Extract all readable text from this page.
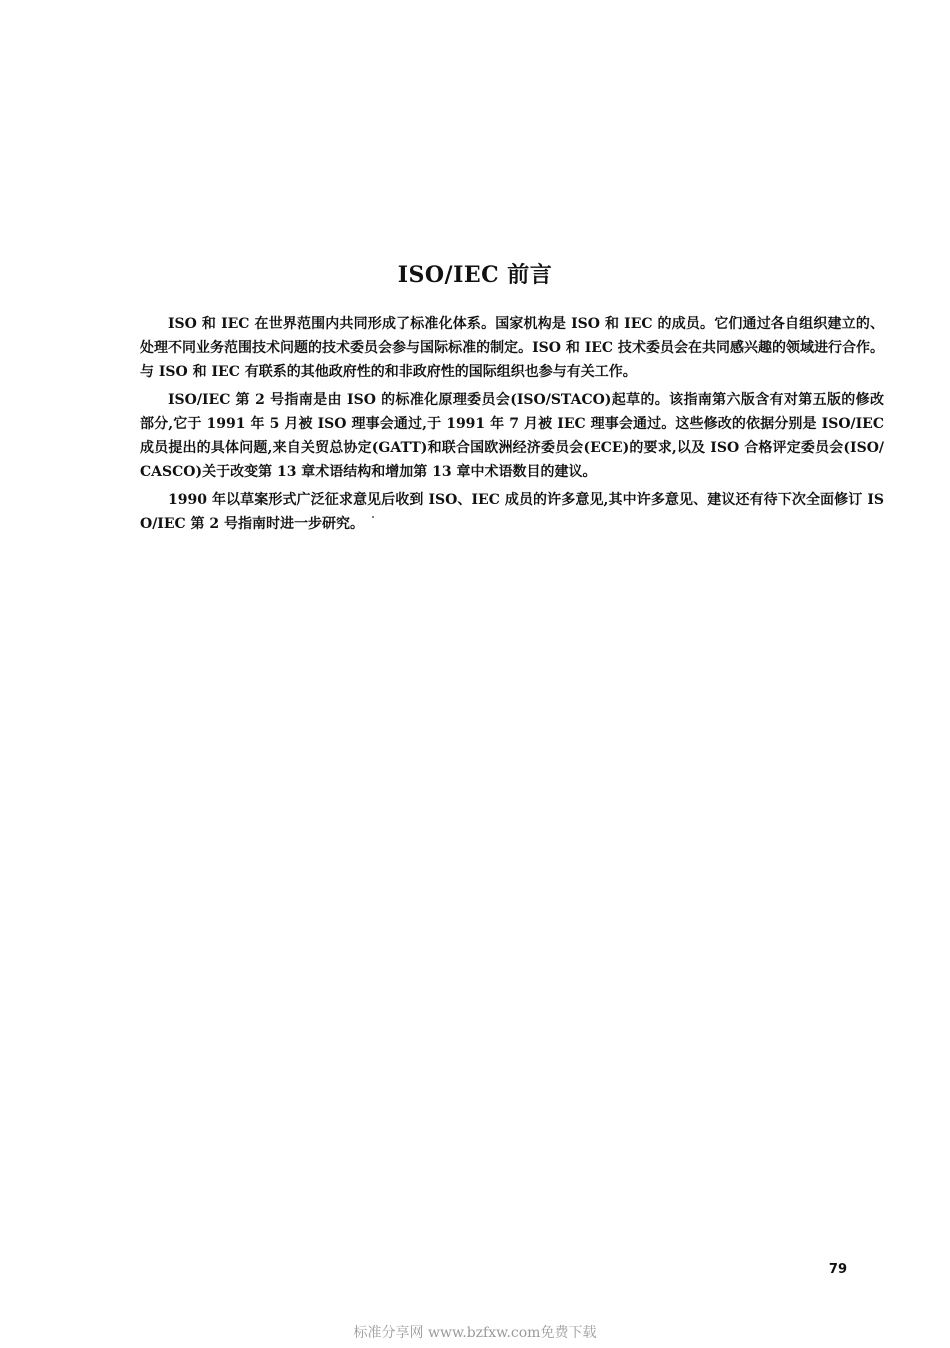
ISO/IEC 前言

ISO 和 IEC 在世界范围内共同形成了标准化体系。国家机构是 ISO 和 IEC 的成员。它们通过各自组织建立的、处理不同业务范围技术问题的技术委员会参与国际标准的制定。ISO 和 IEC 技术委员会在共同感兴趣的领域进行合作。与 ISO 和 IEC 有联系的其他政府性的和非政府性的国际组织也参与有关工作。

ISO/IEC 第 2 号指南是由 ISO 的标准化原理委员会(ISO/STACO)起草的。该指南第六版含有对第五版的修改部分,它于 1991 年 5 月被 ISO 理事会通过,于 1991 年 7 月被 IEC 理事会通过。这些修改的依据分别是 ISO/IEC 成员提出的具体问题,来自关贸总协定(GATT)和联合国欧洲经济委员会(ECE)的要求,以及 ISO 合格评定委员会(ISO/CASCO)关于改变第 13 章术语结构和增加第 13 章中术语数目的建议。

1990 年以草案形式广泛征求意见后收到 ISO、IEC 成员的许多意见,其中许多意见、建议还有待下次全面修订 ISO/IEC 第 2 号指南时进一步研究。

79
标准分享网 www.bzfxw.com免费下载
